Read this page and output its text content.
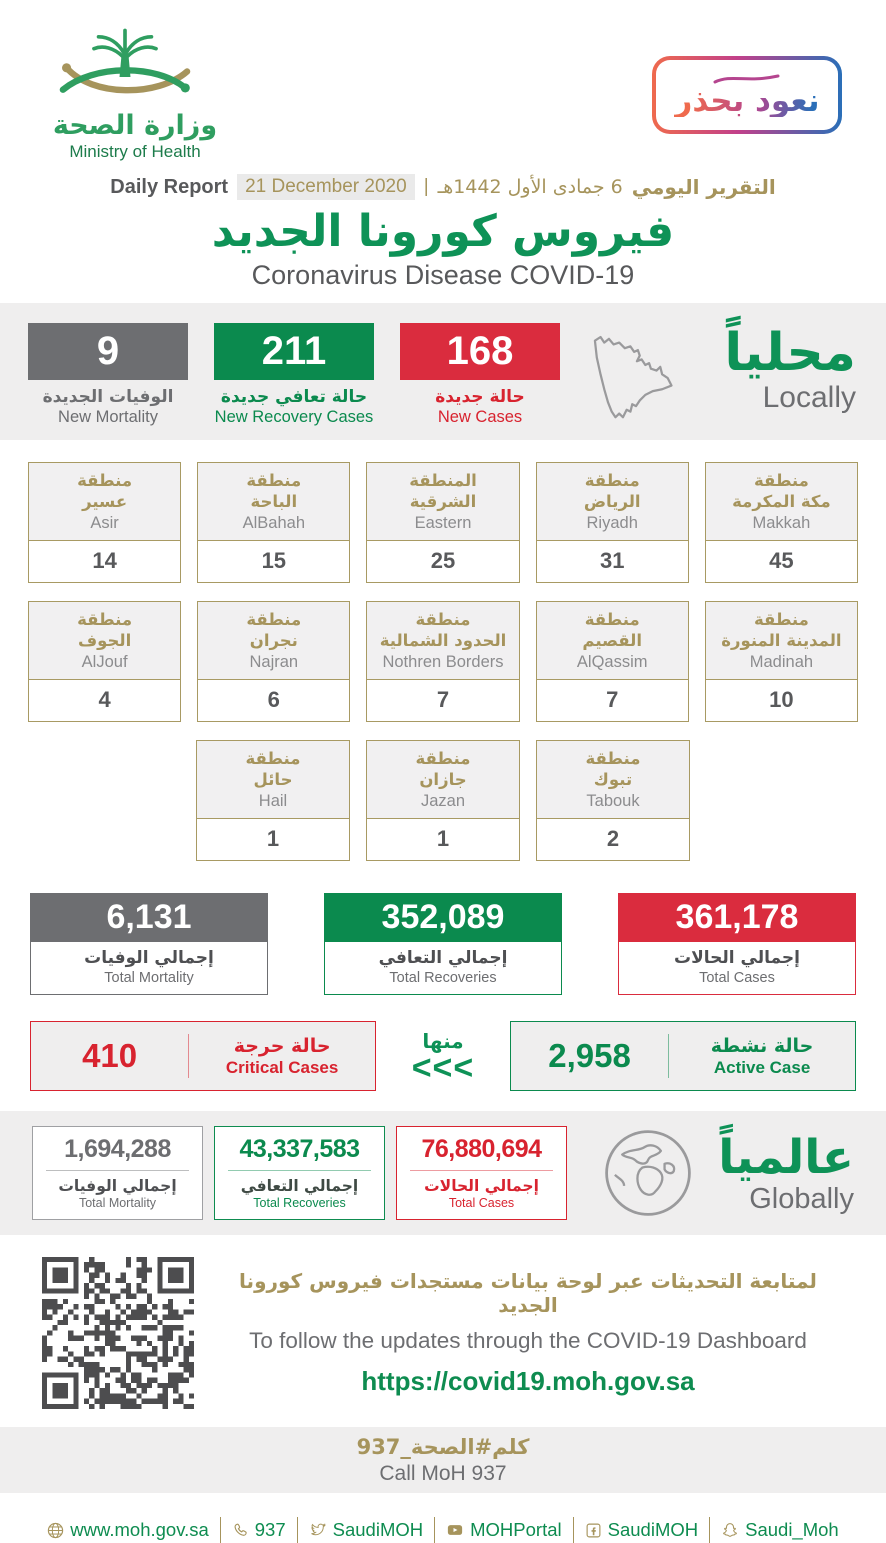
وزارة الصحة
Ministry of Health
نعود بحذر
Daily Report 21 December 2020 | 6 جمادى الأول 1442هـ التقرير اليومي
فيروس كورونا الجديد
Coronavirus Disease COVID-19
9
الوفيات الجديدة
New Mortality
211
حالة تعافي جديدة
New Recovery Cases
168
حالة جديدة
New Cases
محلياً
Locally
منطقة
عسير
Asir
14
منطقة
الباحة
AlBahah
15
المنطقة
الشرقية
Eastern
25
منطقة
الرياض
Riyadh
31
منطقة
مكة المكرمة
Makkah
45
منطقة
الجوف
AlJouf
4
منطقة
نجران
Najran
6
منطقة
الحدود الشمالية
Nothren Borders
7
منطقة
القصيم
AlQassim
7
منطقة
المدينة المنورة
Madinah
10
منطقة
حائل
Hail
1
منطقة
جازان
Jazan
1
منطقة
تبوك
Tabouk
2
6,131
إجمالي الوفيات
Total Mortality
352,089
إجمالي التعافي
Total Recoveries
361,178
إجمالي الحالات
Total Cases
410	حالة حرجة
Critical Cases
منها
<<<	2,958	حالة نشطة
Active Case
1,694,288
إجمالي الوفيات
Total Mortality
43,337,583
إجمالي التعافي
Total Recoveries
76,880,694
إجمالي الحالات
Total Cases
عالمياً
Globally
لمتابعة التحديثات عبر لوحة بيانات مستجدات فيروس كورونا الجديد
To follow the updates through the COVID-19 Dashboard
https://covid19.moh.gov.sa
كلم#الصحة_937
Call MoH 937
www.moh.gov.sa 937	SaudiMOH	MOHPortal SaudiMOH	Saudi_Moh
